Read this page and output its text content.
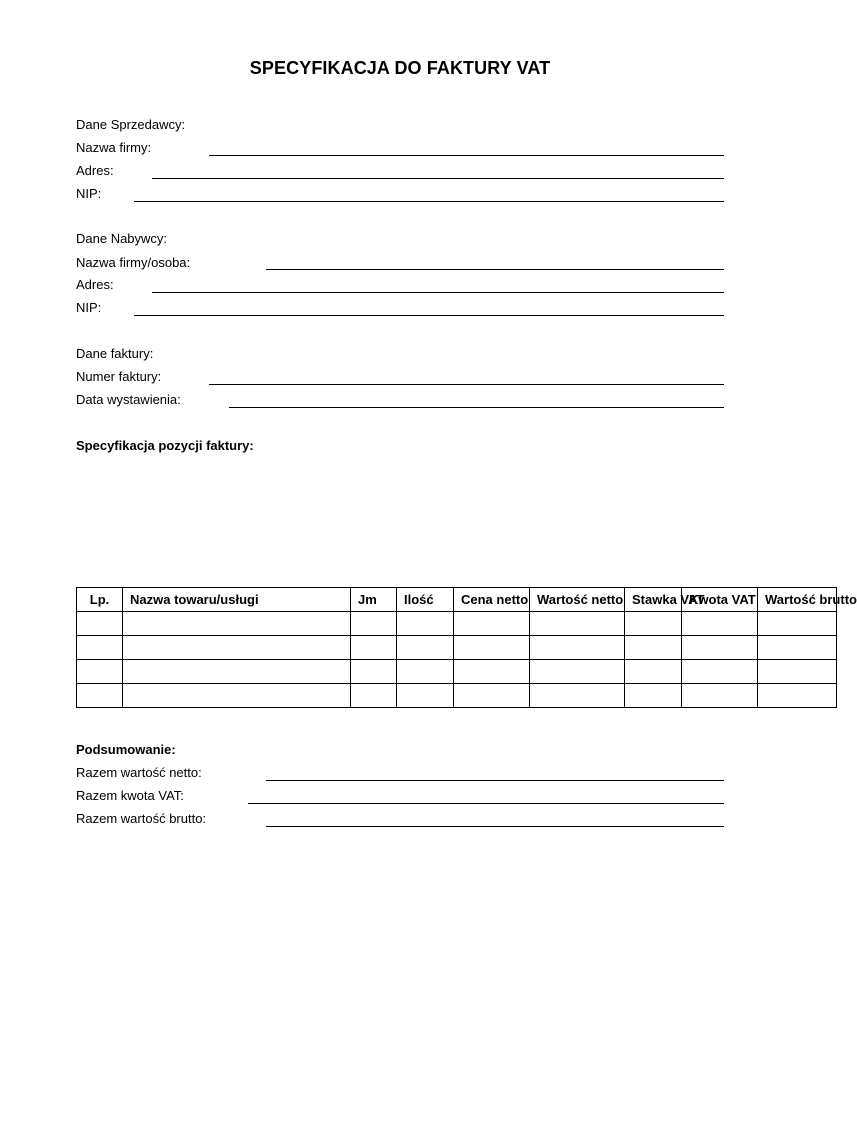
SPECYFIKACJA DO FAKTURY VAT
Dane Sprzedawcy:
Nazwa firmy:
Adres:
NIP:
Dane Nabywcy:
Nazwa firmy/osoba:
Adres:
NIP:
Dane faktury:
Numer faktury:
Data wystawienia:
Specyfikacja pozycji faktury:
Lp.	Nazwa towaru/usługi	Jm	Ilość	Cena netto	Wartość netto	Stawka VAT	Kwota VAT	Wartość brutto

Podsumowanie:
Razem wartość netto:
Razem kwota VAT:
Razem wartość brutto:
